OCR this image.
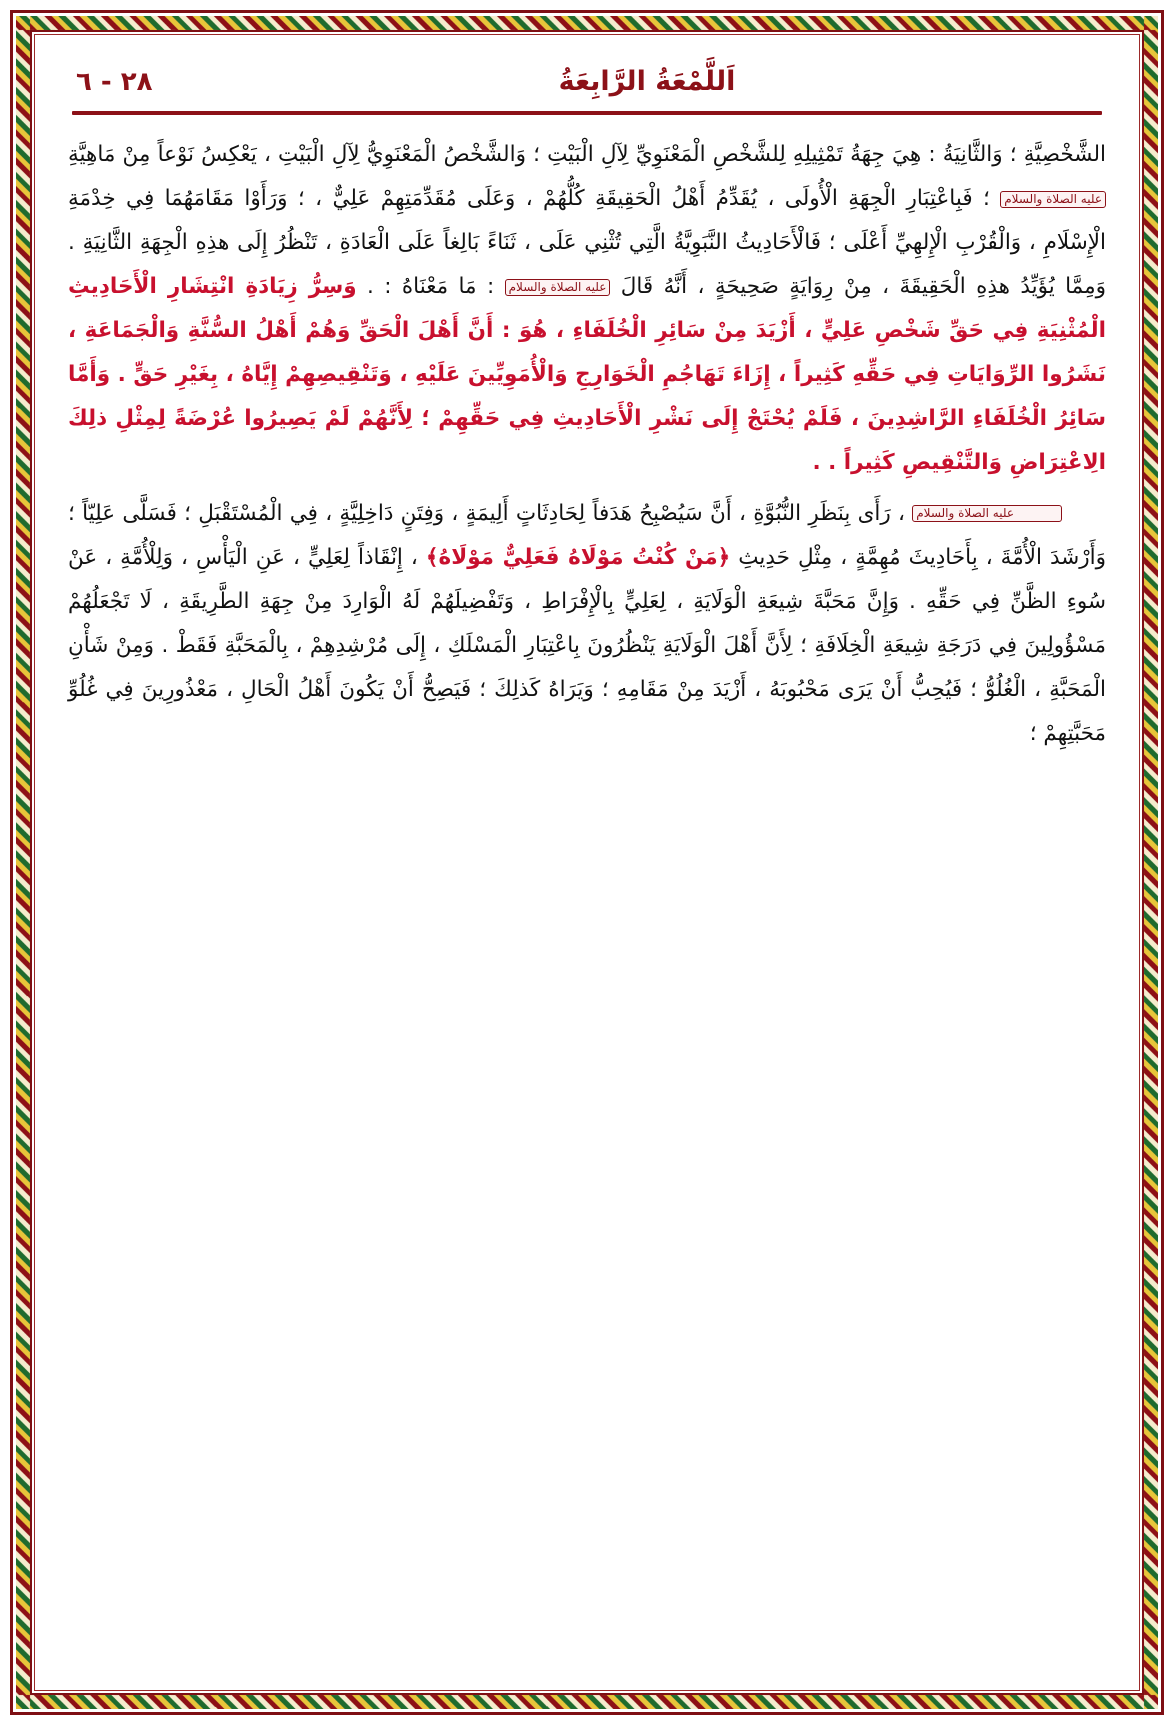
اَللَّمْعَةُ الرَّابِعَةُ
٢٨ - ٦

الشَّخْصِيَّةِ ؛ وَالثَّانِيَةُ : هِيَ جِهَةُ تَمْثِيلِهِ لِلشَّخْصِ الْمَعْنَوِيِّ لِآلِ الْبَيْتِ ؛ وَالشَّخْصُ الْمَعْنَوِيُّ لِآلِ الْبَيْتِ ، يَعْكِسُ نَوْعاً مِنْ مَاهِيَّةِ عليه الصلاة والسلام ؛ فَبِاعْتِبَارِ الْجِهَةِ الْأُولَى ، يُقَدِّمُ أَهْلُ الْحَقِيقَةِ كُلُّهُمْ ، وَعَلَى مُقَدِّمَتِهِمْ عَلِيٌّ ، ؛ وَرَأَوْا مَقَامَهُمَا فِي خِدْمَةِ الْإِسْلَامِ ، وَالْقُرْبِ الْإِلهِيِّ أَعْلَى ؛ فَالْأَحَادِيثُ النَّبَوِيَّةُ الَّتِي تُثْنِي عَلَى ، ثَنَاءً بَالِغاً عَلَى الْعَادَةِ ، تَنْظُرُ إِلَى هذِهِ الْجِهَةِ الثَّانِيَةِ . وَمِمَّا يُؤَيِّدُ هذِهِ الْحَقِيقَةَ ، مِنْ رِوَايَةٍ صَحِيحَةٍ ، أَنَّهُ قَالَ عليه الصلاة والسلام : مَا مَعْنَاهُ : . وَسِرُّ زِيَادَةِ انْتِشَارِ الْأَحَادِيثِ الْمُثْنِيَةِ فِي حَقِّ شَخْصِ عَلِيٍّ ، أَزْيَدَ مِنْ سَائِرِ الْخُلَفَاءِ ، هُوَ : أَنَّ أَهْلَ الْحَقِّ وَهُمْ أَهْلُ السُّنَّةِ وَالْجَمَاعَةِ ، نَشَرُوا الرِّوَايَاتِ فِي حَقِّهِ كَثِيراً ، إِزَاءَ تَهَاجُمِ الْخَوَارِجِ وَالْأُمَوِيِّينَ عَلَيْهِ ، وَتَنْقِيصِهِمْ إِيَّاهُ ، بِغَيْرِ حَقٍّ . وَأَمَّا سَائِرُ الْخُلَفَاءِ الرَّاشِدِينَ ، فَلَمْ يُحْتَجْ إِلَى نَشْرِ الْأَحَادِيثِ فِي حَقِّهِمْ ؛ لِأَنَّهُمْ لَمْ يَصِيرُوا عُرْضَةً لِمِثْلِ ذلِكَ الِاعْتِرَاضِ وَالتَّنْقِيصِ كَثِيراً . .

عليه الصلاة والسلام ، رَأَى بِنَظَرِ النُّبُوَّةِ ، أَنَّ سَيُصْبِحُ هَدَفاً لِحَادِثَاتٍ أَلِيمَةٍ ، وَفِتَنٍ دَاخِلِيَّةٍ ، فِي الْمُسْتَقْبَلِ ؛ فَسَلَّى عَلِيّاً ؛ وَأَرْشَدَ الْأُمَّةَ ، بِأَحَادِيثَ مُهِمَّةٍ ، مِثْلِ حَدِيثِ ﴿مَنْ كُنْتُ مَوْلَاهُ فَعَلِيٌّ مَوْلَاهُ﴾ ، إِنْقَاذاً لِعَلِيٍّ ، عَنِ الْيَأْسِ ، وَلِلْأُمَّةِ ، عَنْ سُوءِ الظَّنِّ فِي حَقِّهِ . وَإِنَّ مَحَبَّةَ شِيعَةِ الْوَلَايَةِ ، لِعَلِيٍّ بِالْإِفْرَاطِ ، وَتَفْضِيلَهُمْ لَهُ الْوَارِدَ مِنْ جِهَةِ الطَّرِيقَةِ ، لَا تَجْعَلُهُمْ مَسْؤُولِينَ فِي دَرَجَةِ شِيعَةِ الْخِلَافَةِ ؛ لِأَنَّ أَهْلَ الْوَلَايَةِ يَنْظُرُونَ بِاعْتِبَارِ الْمَسْلَكِ ، إِلَى مُرْشِدِهِمْ ، بِالْمَحَبَّةِ فَقَطْ . وَمِنْ شَأْنِ الْمَحَبَّةِ ، الْغُلُوُّ ؛ فَيُحِبُّ أَنْ يَرَى مَحْبُوبَهُ ، أَزْيَدَ مِنْ مَقَامِهِ ؛ وَيَرَاهُ كَذلِكَ ؛ فَيَصِحُّ أَنْ يَكُونَ أَهْلُ الْحَالِ ، مَعْذُورِينَ فِي غُلُوِّ مَحَبَّتِهِمْ ؛
